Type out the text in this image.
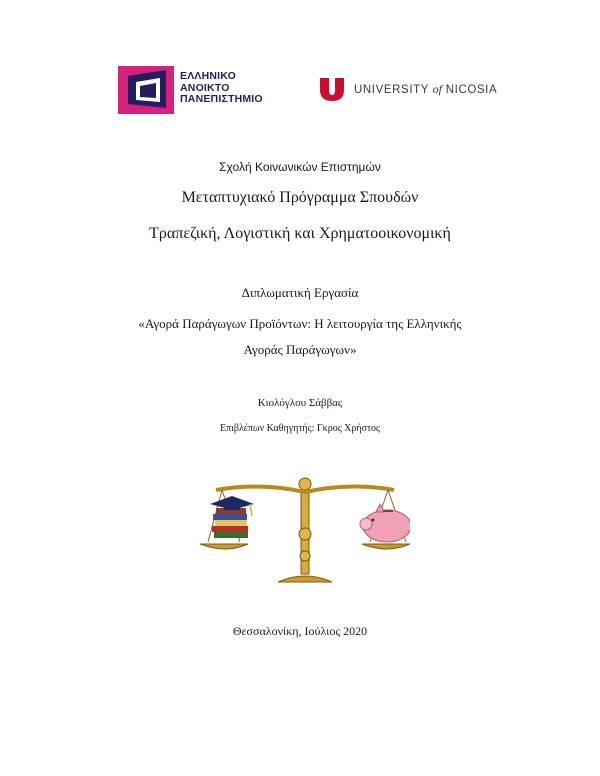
ΕΛΛΗΝΙΚΟ
ΑΝΟΙΚΤΟ
ΠΑΝΕΠΙΣΤΗΜΙΟ
UNIVERSITY of NICOSIA
Σχολή Κοινωνικών Επιστημών
Μεταπτυχιακό Πρόγραμμα Σπουδών
Τραπεζική, Λογιστική και Χρηματοοικονομική
Διπλωματική Εργασία
«Αγορά Παράγωγων Προϊόντων: Η λειτουργία της Ελληνικής
Αγοράς Παράγωγων»
Κιολόγλου Σάββας
Επιβλέπων Καθηγητής: Γκρος Χρήστος
Θεσσαλονίκη, Ιούλιος 2020
